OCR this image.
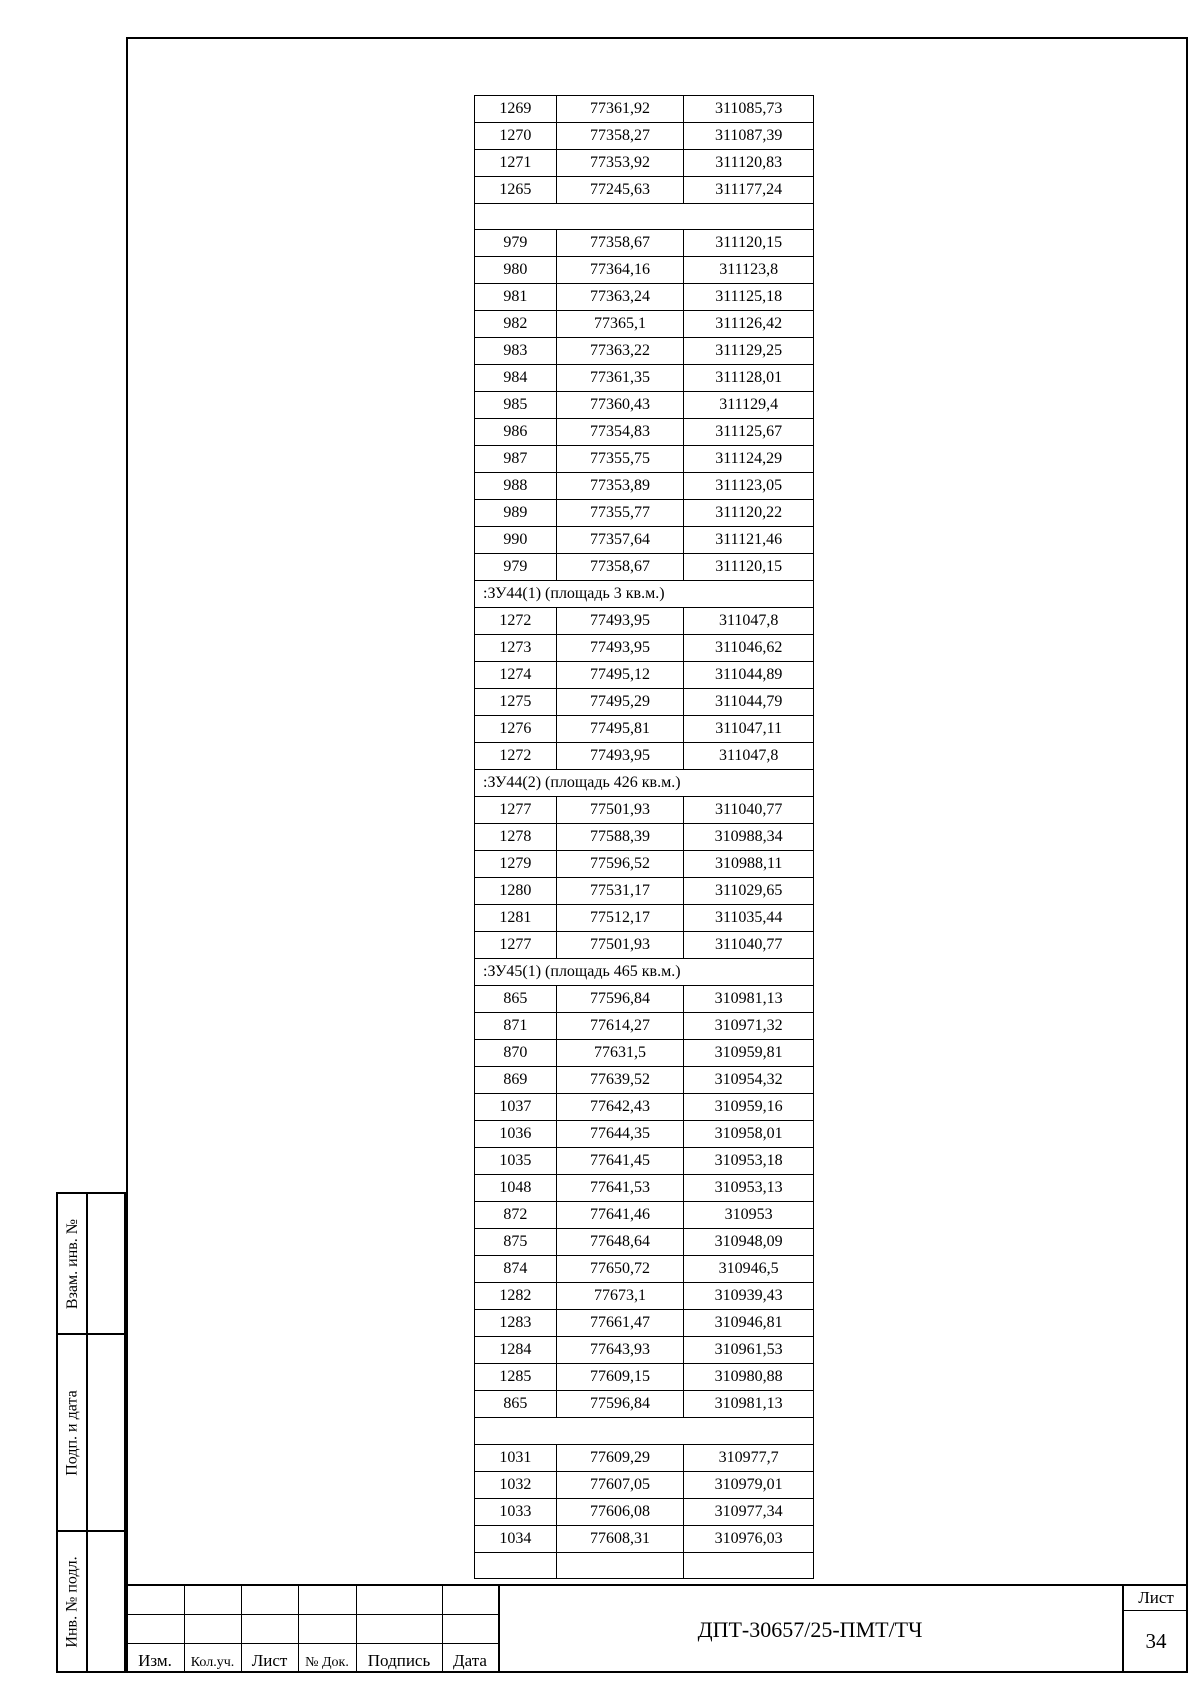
1269	77361,92	311085,73
1270	77358,27	311087,39
1271	77353,92	311120,83
1265	77245,63	311177,24

979	77358,67	311120,15
980	77364,16	311123,8
981	77363,24	311125,18
982	77365,1	311126,42
983	77363,22	311129,25
984	77361,35	311128,01
985	77360,43	311129,4
986	77354,83	311125,67
987	77355,75	311124,29
988	77353,89	311123,05
989	77355,77	311120,22
990	77357,64	311121,46
979	77358,67	311120,15
:ЗУ44(1) (площадь 3 кв.м.)		
1272	77493,95	311047,8
1273	77493,95	311046,62
1274	77495,12	311044,89
1275	77495,29	311044,79
1276	77495,81	311047,11
1272	77493,95	311047,8
:ЗУ44(2) (площадь 426 кв.м.)		
1277	77501,93	311040,77
1278	77588,39	310988,34
1279	77596,52	310988,11
1280	77531,17	311029,65
1281	77512,17	311035,44
1277	77501,93	311040,77
:ЗУ45(1) (площадь 465 кв.м.)		
865	77596,84	310981,13
871	77614,27	310971,32
870	77631,5	310959,81
869	77639,52	310954,32
1037	77642,43	310959,16
1036	77644,35	310958,01
1035	77641,45	310953,18
1048	77641,53	310953,13
872	77641,46	310953
875	77648,64	310948,09
874	77650,72	310946,5
1282	77673,1	310939,43
1283	77661,47	310946,81
1284	77643,93	310961,53
1285	77609,15	310980,88
865	77596,84	310981,13

1031	77609,29	310977,7
1032	77607,05	310979,01
1033	77606,08	310977,34
1034	77608,31	310976,03

Взам. инв. №
Подп. и дата
Инв. № подл.
Изм.	Кол.уч.	Лист	№ Док.	Подпись	Дата
ДПТ-30657/25-ПМТ/ТЧ
Лист
34
